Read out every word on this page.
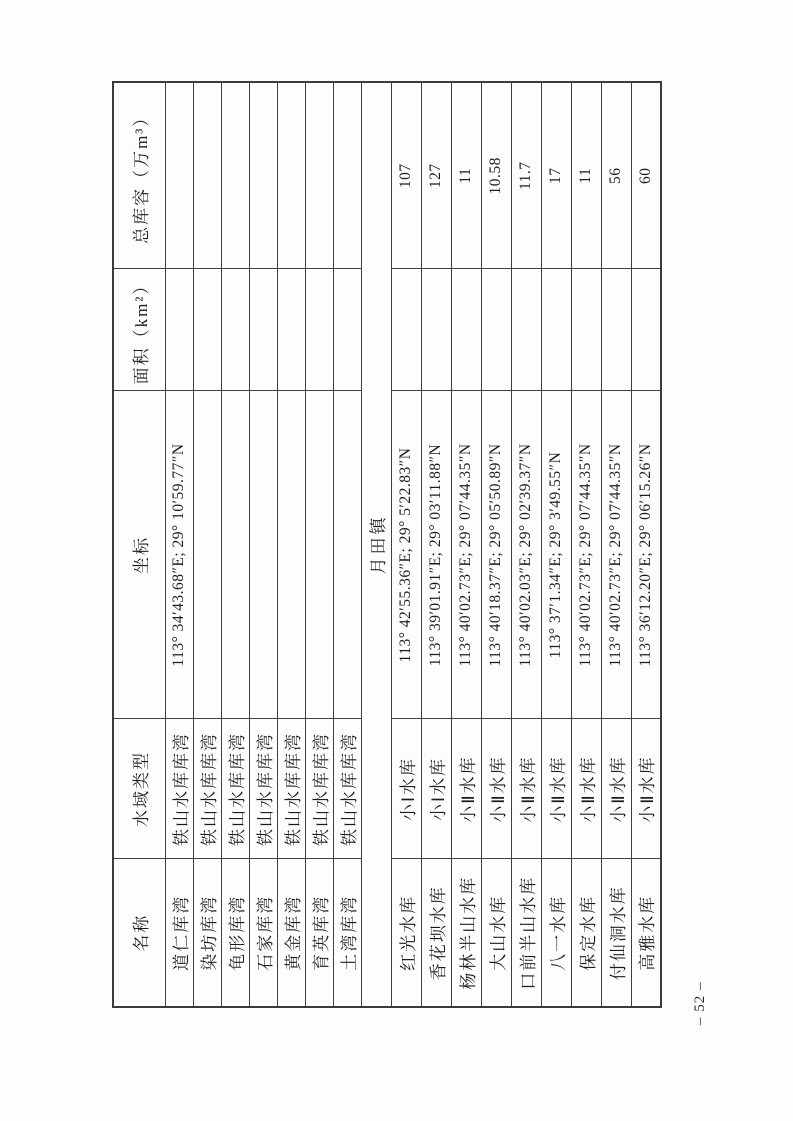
名称	水域类型	坐标	面积（km²）	总库容（万m³）
道仁库湾	铁山水库库湾	113° 34′43.68″E; 29° 10′59.77″N		
染坊库湾	铁山水库库湾			
龟形库湾	铁山水库库湾			
石家库湾	铁山水库库湾			
黄金库湾	铁山水库库湾			
育英库湾	铁山水库库湾			
土湾库湾	铁山水库库湾			
月田镇				
红光水库	小Ⅰ水库	113° 42′55.36″E; 29° 5′22.83″N		107
香花坝水库	小Ⅰ水库	113° 39′01.91″E; 29° 03′11.88″N		127
杨林半山水库	小Ⅱ水库	113° 40′02.73″E; 29° 07′44.35″N		11
大山水库	小Ⅱ水库	113° 40′18.37″E; 29° 05′50.89″N		10.58
口前半山水库	小Ⅱ水库	113° 40′02.03″E; 29° 02′39.37″N		11.7
八一水库	小Ⅱ水库	113° 37′1.34″E; 29° 3′49.55″N		17
保定水库	小Ⅱ水库	113° 40′02.73″E; 29° 07′44.35″N		11
付仙洞水库	小Ⅱ水库	113° 40′02.73″E; 29° 07′44.35″N		56
高雅水库	小Ⅱ水库	113° 36′12.20″E; 29° 06′15.26″N		60
– 52 –
